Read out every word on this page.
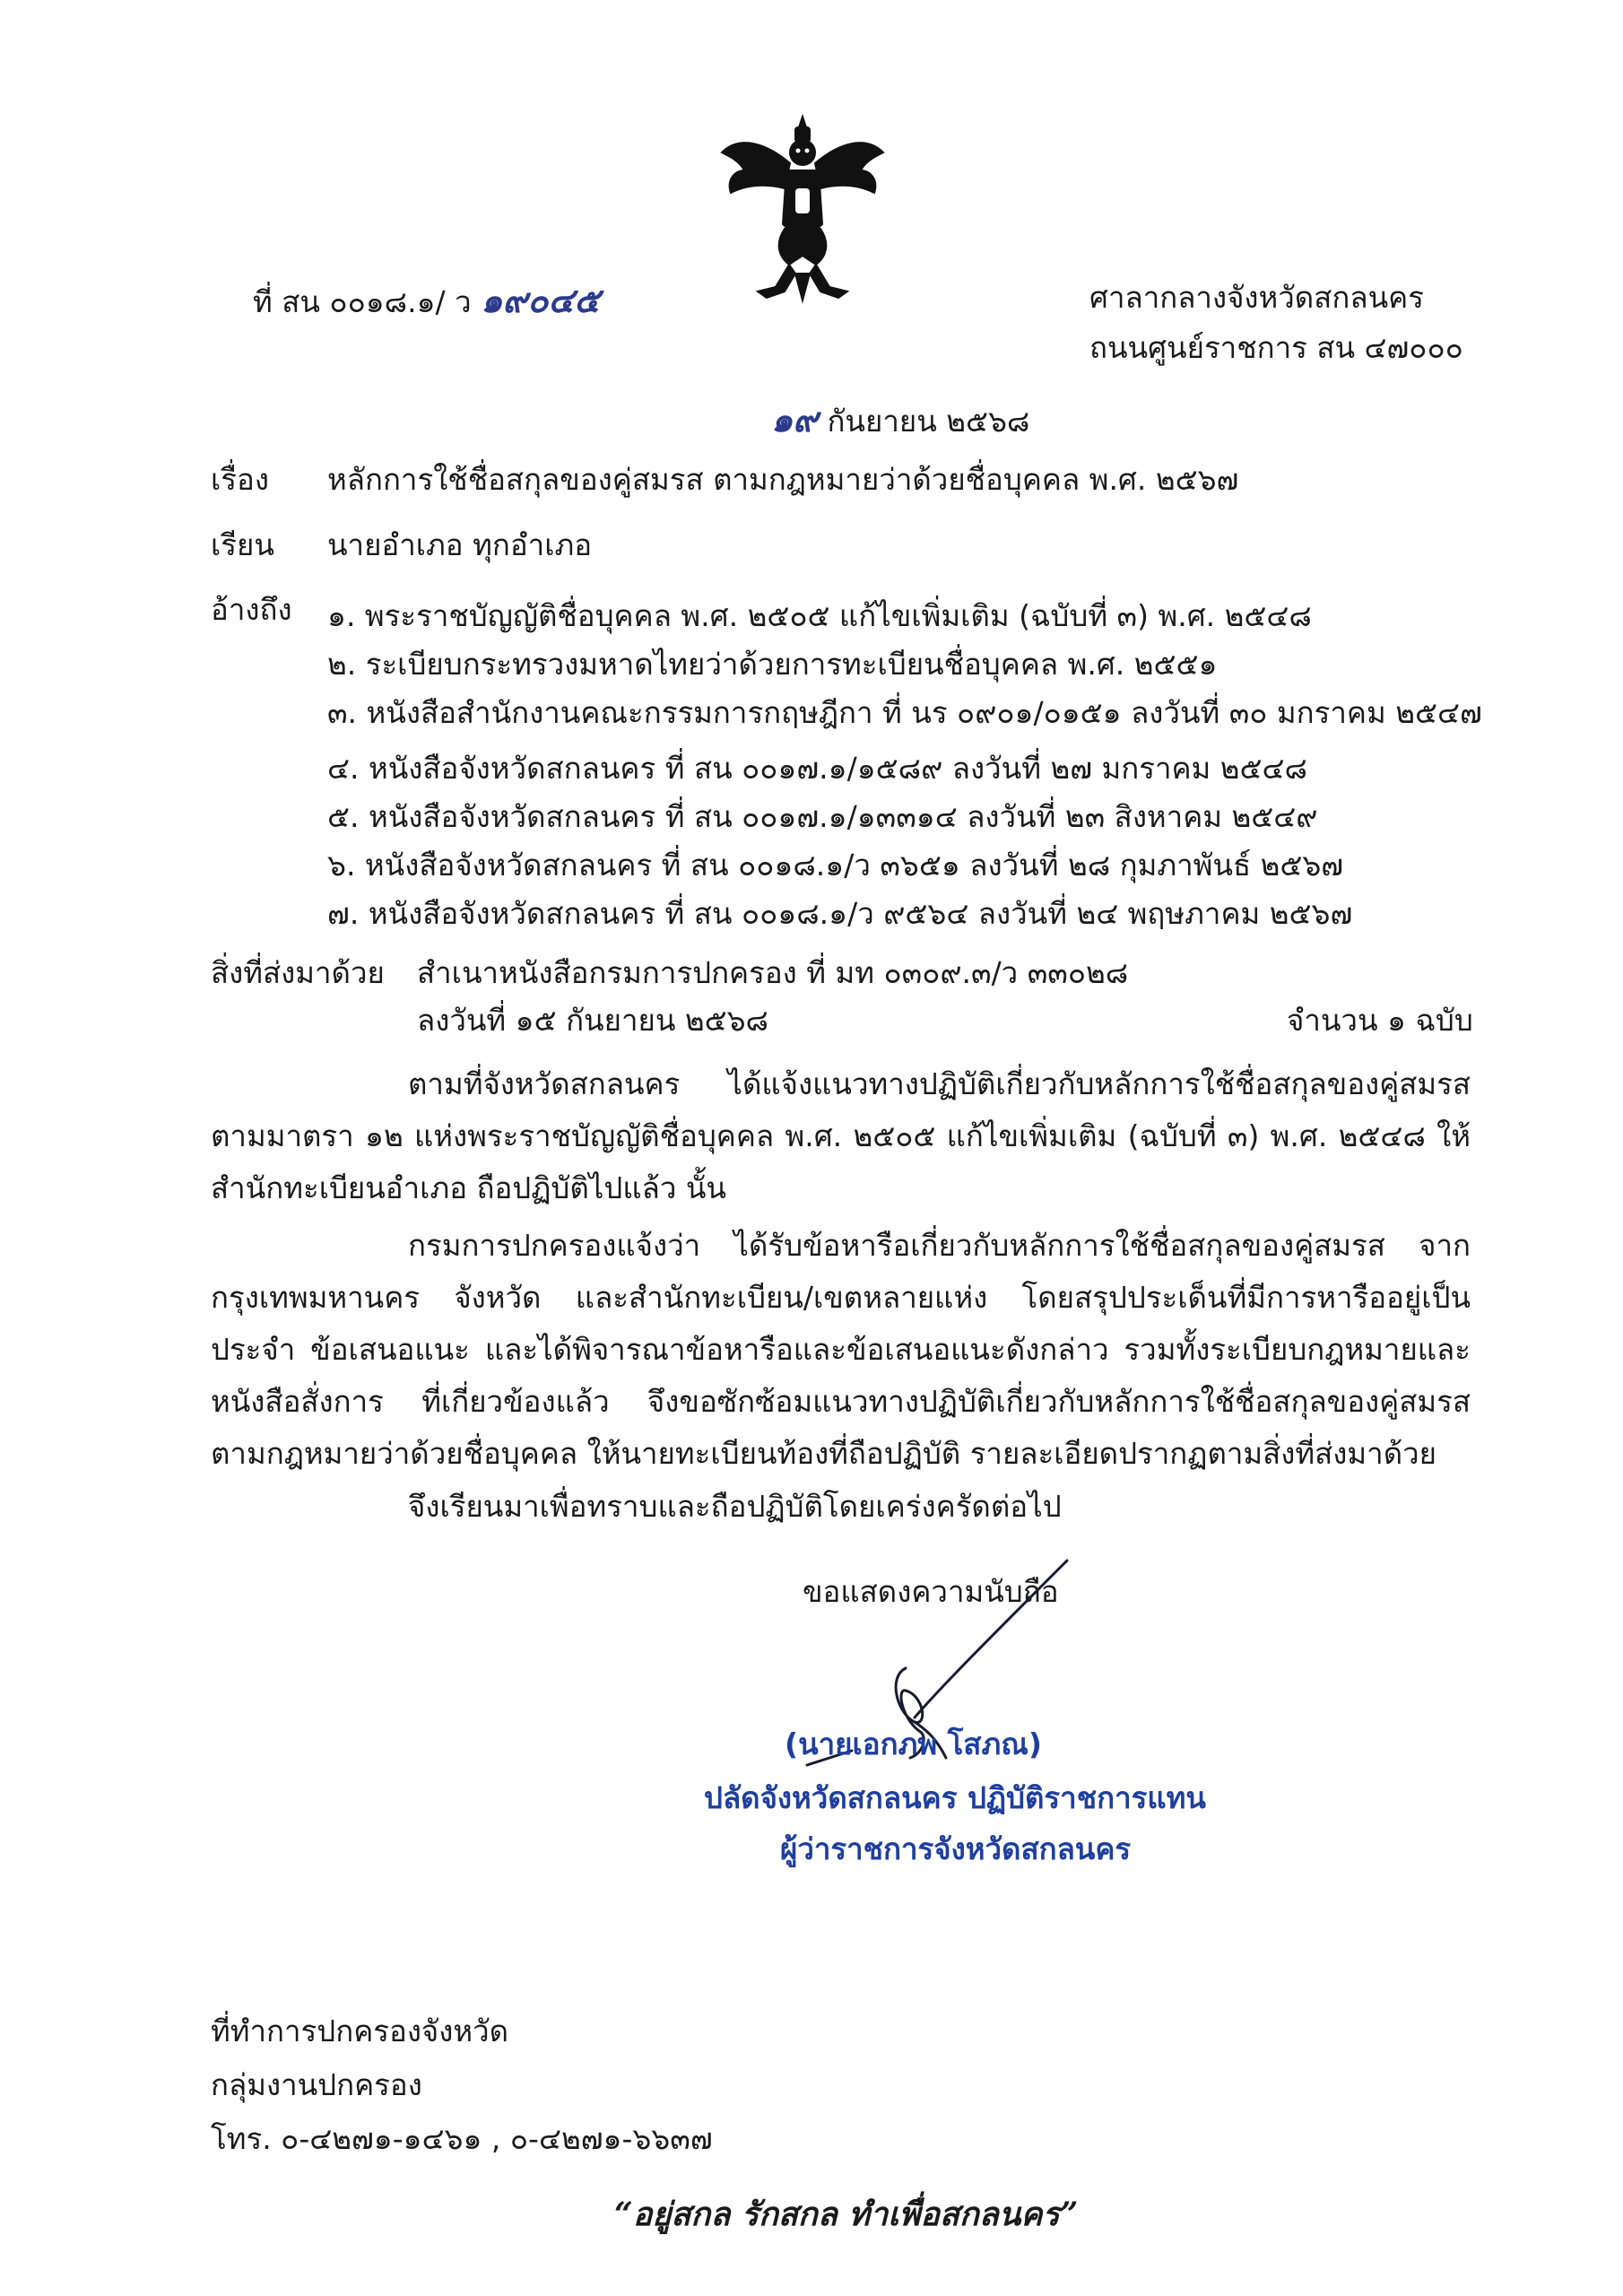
ที่ สน ๐๐๑๘.๑/ ว ๑๙๐๔๕	ศาลากลางจังหวัดสกลนคร
ถนนศูนย์ราชการ สน ๔๗๐๐๐
๑๙ กันยายน ๒๕๖๘
เรื่อง หลักการใช้ชื่อสกุลของคู่สมรส ตามกฎหมายว่าด้วยชื่อบุคคล พ.ศ. ๒๕๖๗
เรียน นายอำเภอ ทุกอำเภอ
อ้างถึง ๑. พระราชบัญญัติชื่อบุคคล พ.ศ. ๒๕๐๕ แก้ไขเพิ่มเติม (ฉบับที่ ๓) พ.ศ. ๒๕๔๘
๒. ระเบียบกระทรวงมหาดไทยว่าด้วยการทะเบียนชื่อบุคคล พ.ศ. ๒๕๕๑
๓. หนังสือสำนักงานคณะกรรมการกฤษฎีกา ที่ นร ๐๙๐๑/๐๑๕๑ ลงวันที่ ๓๐ มกราคม ๒๕๔๗
๔. หนังสือจังหวัดสกลนคร ที่ สน ๐๐๑๗.๑/๑๕๘๙ ลงวันที่ ๒๗ มกราคม ๒๕๔๘
๕. หนังสือจังหวัดสกลนคร ที่ สน ๐๐๑๗.๑/๑๓๓๑๔ ลงวันที่ ๒๓ สิงหาคม ๒๕๔๙
๖. หนังสือจังหวัดสกลนคร ที่ สน ๐๐๑๘.๑/ว ๓๖๕๑ ลงวันที่ ๒๘ กุมภาพันธ์ ๒๕๖๗
๗. หนังสือจังหวัดสกลนคร ที่ สน ๐๐๑๘.๑/ว ๙๕๖๔ ลงวันที่ ๒๔ พฤษภาคม ๒๕๖๗
สิ่งที่ส่งมาด้วย สำเนาหนังสือกรมการปกครอง ที่ มท ๐๓๐๙.๓/ว ๓๓๐๒๘
ลงวันที่ ๑๕ กันยายน ๒๕๖๘	จำนวน ๑ ฉบับ
ตามที่จังหวัดสกลนคร ได้แจ้งแนวทางปฏิบัติเกี่ยวกับหลักการใช้ชื่อสกุลของคู่สมรส ตามมาตรา ๑๒ แห่งพระราชบัญญัติชื่อบุคคล พ.ศ. ๒๕๐๕ แก้ไขเพิ่มเติม (ฉบับที่ ๓) พ.ศ. ๒๕๔๘ ให้สำนักทะเบียนอำเภอ ถือปฏิบัติไปแล้ว นั้น
กรมการปกครองแจ้งว่า ได้รับข้อหารือเกี่ยวกับหลักการใช้ชื่อสกุลของคู่สมรส จากกรุงเทพมหานคร จังหวัด และสำนักทะเบียน/เขตหลายแห่ง โดยสรุปประเด็นที่มีการหารืออยู่เป็นประจำ ข้อเสนอแนะ และได้พิจารณาข้อหารือและข้อเสนอแนะดังกล่าว รวมทั้งระเบียบกฎหมายและหนังสือสั่งการ ที่เกี่ยวข้องแล้ว จึงขอซักซ้อมแนวทางปฏิบัติเกี่ยวกับหลักการใช้ชื่อสกุลของคู่สมรส ตามกฎหมายว่าด้วยชื่อบุคคล ให้นายทะเบียนท้องที่ถือปฏิบัติ รายละเอียดปรากฏตามสิ่งที่ส่งมาด้วย
จึงเรียนมาเพื่อทราบและถือปฏิบัติโดยเคร่งครัดต่อไป
ขอแสดงความนับถือ
(นายเอกภพ โสภณ)
ปลัดจังหวัดสกลนคร ปฏิบัติราชการแทน
ผู้ว่าราชการจังหวัดสกลนคร
ที่ทำการปกครองจังหวัด
กลุ่มงานปกครอง
โทร. ๐-๔๒๗๑-๑๔๖๑ , ๐-๔๒๗๑-๖๖๓๗
“อยู่สกล รักสกล ทำเพื่อสกลนคร”
